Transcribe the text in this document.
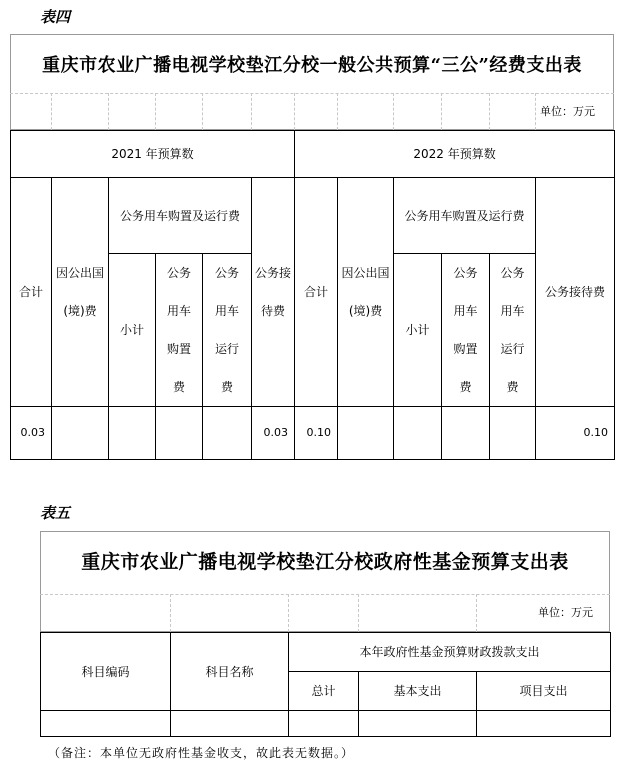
表四
重庆市农业广播电视学校垫江分校一般公共预算“三公”经费支出表
单位：万元
2021 年预算数						2022 年预算数					
合计	因公出国(境)费	公务用车购置及运行费			公务接待费	合计	因公出国(境)费	公务用车购置及运行费			公务接待费

		小计	公务用车购置费	公务用车运行费				小计	公务用车购置费	公务用车运行费	

0.03					0.03	0.10					0.10
表五
重庆市农业广播电视学校垫江分校政府性基金预算支出表
单位：万元
科目编码	科目名称	本年政府性基金预算财政拨款支出		
		总计	基本支出	项目支出

（备注：本单位无政府性基金收支，故此表无数据。）
